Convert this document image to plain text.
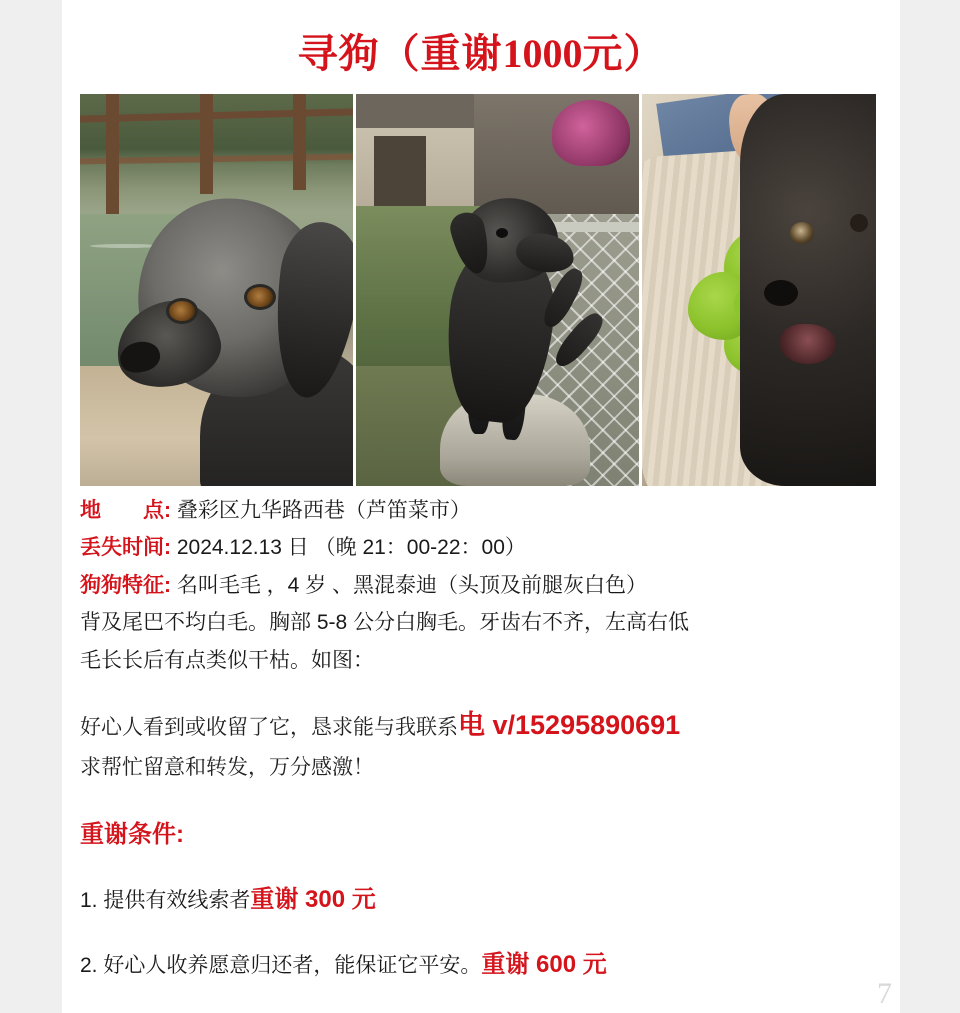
寻狗（重谢1000元）
地　　点: 叠彩区九华路西巷（芦笛菜市）
丢失时间: 2024.12.13 日 （晚 21：00-22：00）
狗狗特征: 名叫毛毛 ，4 岁 、黑混泰迪（头顶及前腿灰白色）
背及尾巴不均白毛。胸部 5-8 公分白胸毛。牙齿右不齐，左高右低
毛长长后有点类似干枯。如图：
好心人看到或收留了它，恳求能与我联系电 v/15295890691
求帮忙留意和转发，万分感激！
重谢条件:
1. 提供有效线索者重谢 300 元
2. 好心人收养愿意归还者，能保证它平安。重谢 600 元
7
